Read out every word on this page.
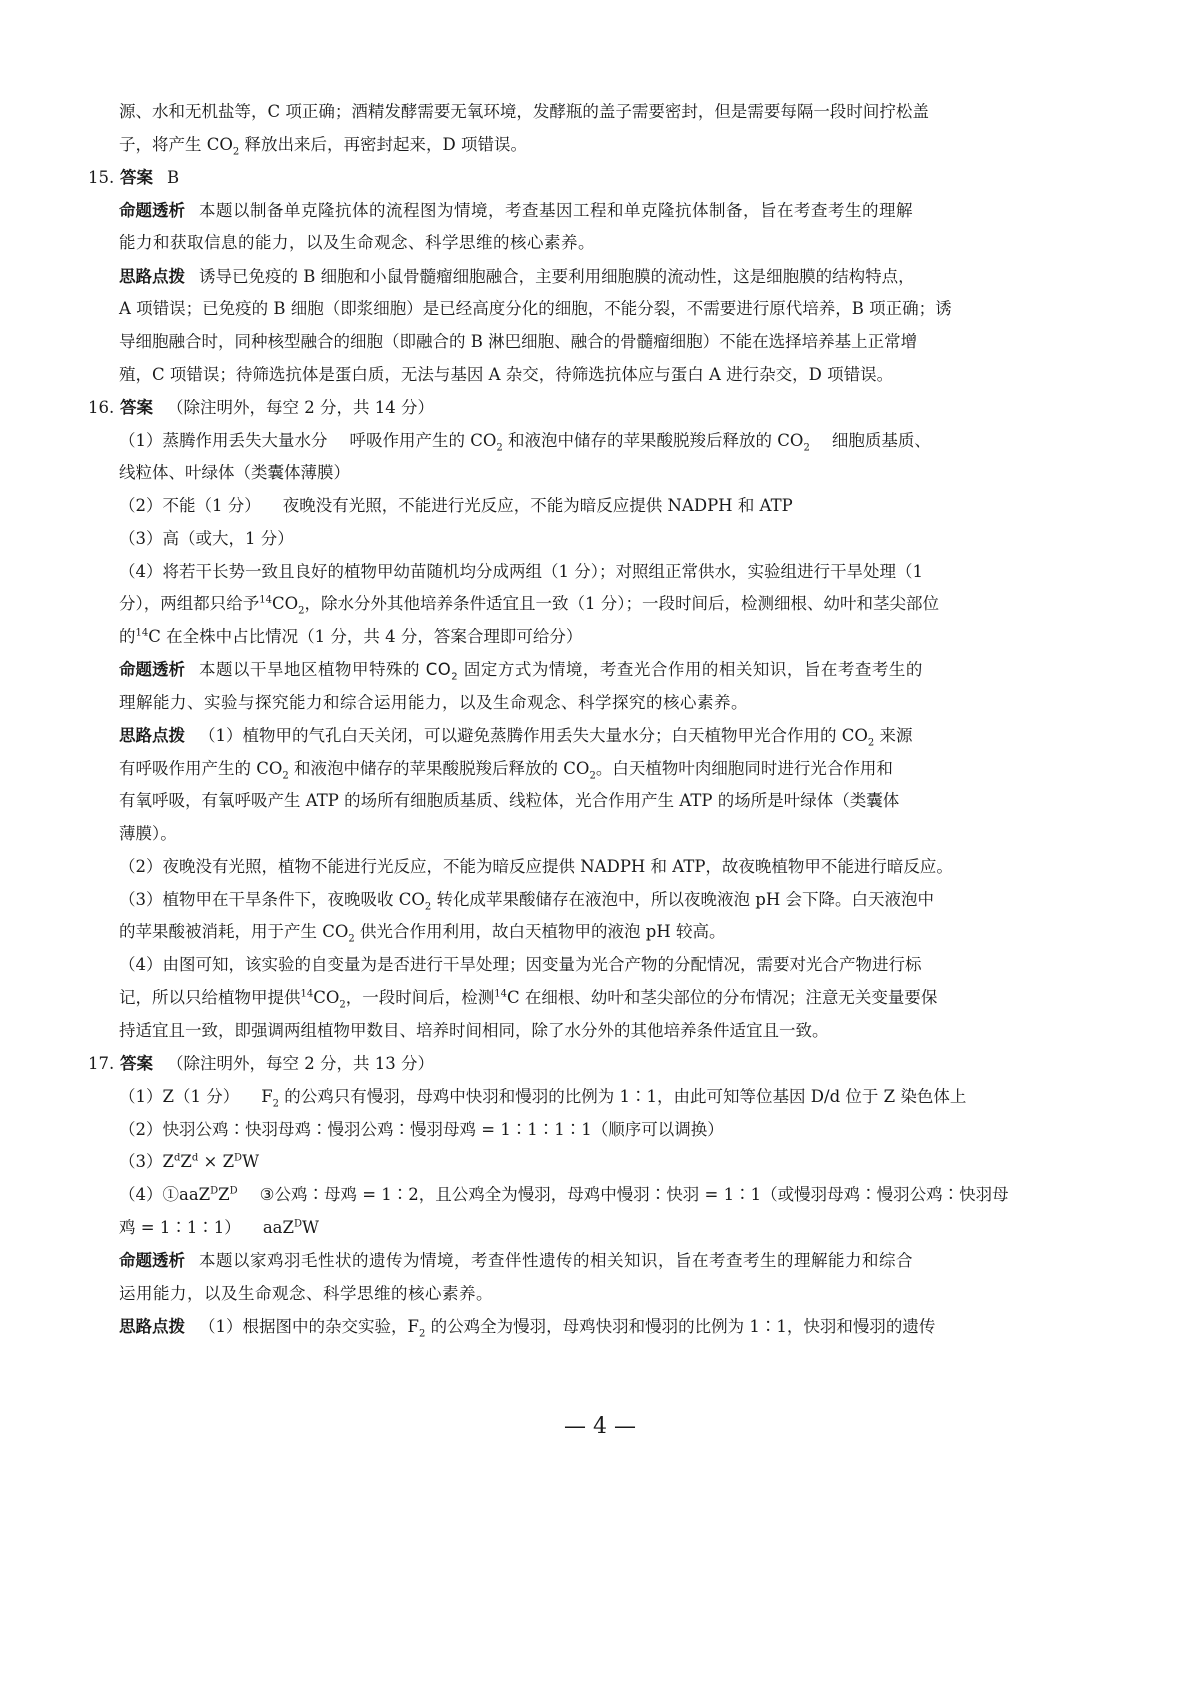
源、水和无机盐等，C 项正确；酒精发酵需要无氧环境，发酵瓶的盖子需要密封，但是需要每隔一段时间拧松盖
子，将产生 $CO_2$ 释放出来后，再密封起来，D 项错误。
15. 答案 B
命题透析 本题以制备单克隆抗体的流程图为情境，考查基因工程和单克隆抗体制备，旨在考查考生的理解
能力和获取信息的能力，以及生命观念、科学思维的核心素养。
思路点拨 诱导已免疫的 B 细胞和小鼠骨髓瘤细胞融合，主要利用细胞膜的流动性，这是细胞膜的结构特点，
A 项错误；已免疫的 B 细胞（即浆细胞）是已经高度分化的细胞，不能分裂，不需要进行原代培养，B 项正确；诱
导细胞融合时，同种核型融合的细胞（即融合的 B 淋巴细胞、融合的骨髓瘤细胞）不能在选择培养基上正常增
殖，C 项错误；待筛选抗体是蛋白质，无法与基因 A 杂交，待筛选抗体应与蛋白 A 进行杂交，D 项错误。
16. 答案 （除注明外，每空 2 分，共 14 分）
（1）蒸腾作用丢失大量水分 呼吸作用产生的 $CO_2$ 和液泡中储存的苹果酸脱羧后释放的 $CO_2$ 细胞质基质、
线粒体、叶绿体（类囊体薄膜）
（2）不能（1 分） 夜晚没有光照，不能进行光反应，不能为暗反应提供 NADPH 和 ATP
（3）高（或大，1 分）
（4）将若干长势一致且良好的植物甲幼苗随机均分成两组（1 分）；对照组正常供水，实验组进行干旱处理（1
分），两组都只给予$^{14}CO_2$，除水分外其他培养条件适宜且一致（1 分）；一段时间后，检测细根、幼叶和茎尖部位
的$^{14}$C 在全株中占比情况（1 分，共 4 分，答案合理即可给分）
命题透析 本题以干旱地区植物甲特殊的 $CO_2$ 固定方式为情境，考查光合作用的相关知识，旨在考查考生的
理解能力、实验与探究能力和综合运用能力，以及生命观念、科学探究的核心素养。
思路点拨 （1）植物甲的气孔白天关闭，可以避免蒸腾作用丢失大量水分；白天植物甲光合作用的 $CO_2$ 来源
有呼吸作用产生的 $CO_2$ 和液泡中储存的苹果酸脱羧后释放的 $CO_2$。白天植物叶肉细胞同时进行光合作用和
有氧呼吸，有氧呼吸产生 ATP 的场所有细胞质基质、线粒体，光合作用产生 ATP 的场所是叶绿体（类囊体
薄膜）。
（2）夜晚没有光照，植物不能进行光反应，不能为暗反应提供 NADPH 和 ATP，故夜晚植物甲不能进行暗反应。
（3）植物甲在干旱条件下，夜晚吸收 $CO_2$ 转化成苹果酸储存在液泡中，所以夜晚液泡 pH 会下降。白天液泡中
的苹果酸被消耗，用于产生 $CO_2$ 供光合作用利用，故白天植物甲的液泡 pH 较高。
（4）由图可知，该实验的自变量为是否进行干旱处理；因变量为光合产物的分配情况，需要对光合产物进行标
记，所以只给植物甲提供$^{14}CO_2$，一段时间后，检测$^{14}$C 在细根、幼叶和茎尖部位的分布情况；注意无关变量要保
持适宜且一致，即强调两组植物甲数目、培养时间相同，除了水分外的其他培养条件适宜且一致。
17. 答案 （除注明外，每空 2 分，共 13 分）
（1）Z（1 分） $F_2$ 的公鸡只有慢羽，母鸡中快羽和慢羽的比例为 1∶1，由此可知等位基因 D/d 位于 Z 染色体上
（2）快羽公鸡∶快羽母鸡∶慢羽公鸡∶慢羽母鸡 = 1∶1∶1∶1（顺序可以调换）
$(3)Z^dZ^d \times Z^DW$
$(4)①aaZ^DZ^D$ ③公鸡∶母鸡 = 1∶2，且公鸡全为慢羽，母鸡中慢羽∶快羽 = 1∶1（或慢羽母鸡∶慢羽公鸡∶快羽母
鸡 = 1∶1∶1） aaZ$^D$W
命题透析 本题以家鸡羽毛性状的遗传为情境，考查伴性遗传的相关知识，旨在考查考生的理解能力和综合
运用能力，以及生命观念、科学思维的核心素养。
思路点拨 （1）根据图中的杂交实验，$F_2$ 的公鸡全为慢羽，母鸡快羽和慢羽的比例为 1∶1，快羽和慢羽的遗传
— 4 —
